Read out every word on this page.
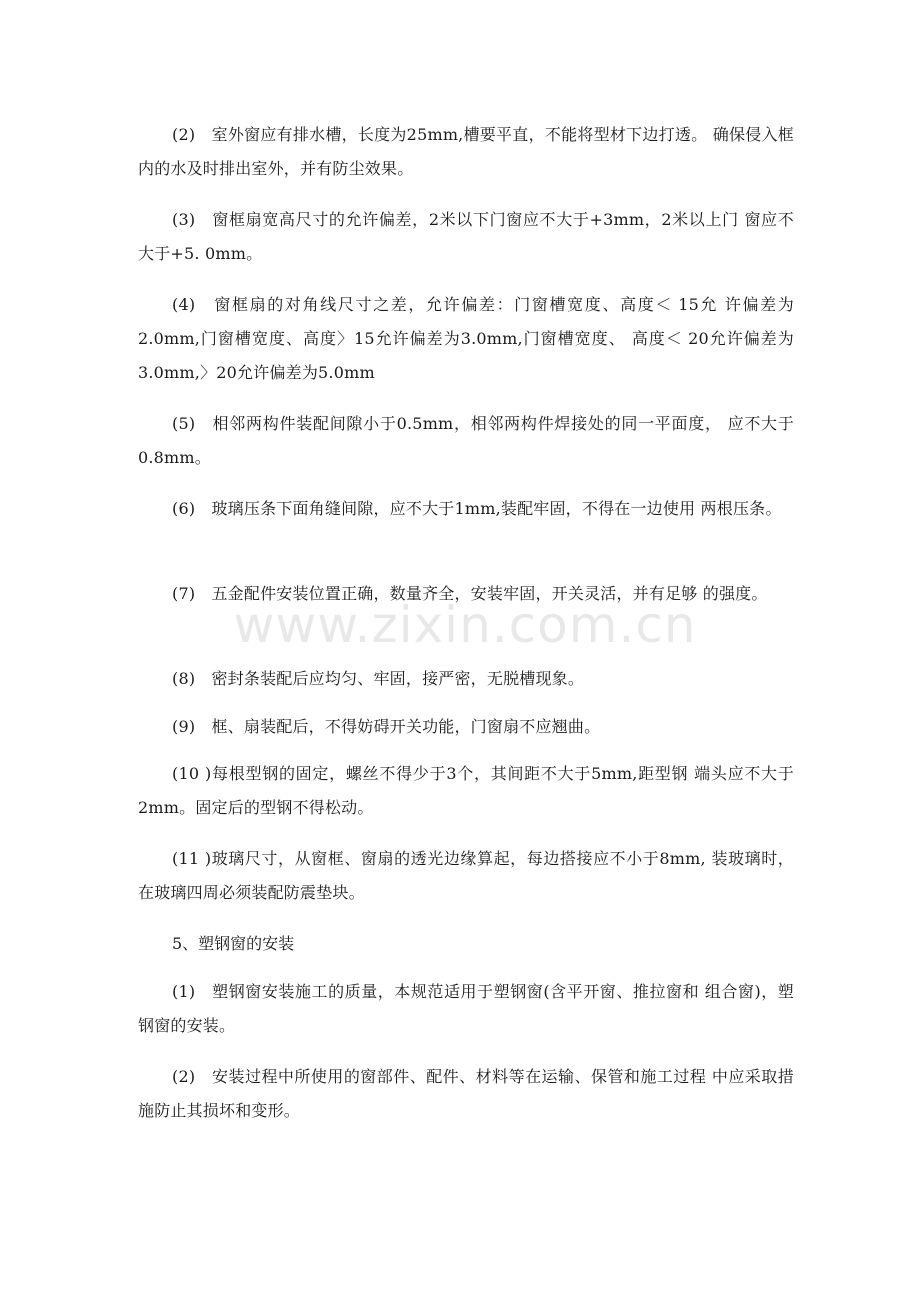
(2)　室外窗应有排水槽，长度为25mm,槽要平直，不能将型材下边打透。 确保侵入框内的水及时排出室外，并有防尘效果。

(3)　窗框扇宽高尺寸的允许偏差，2米以下门窗应不大于+3mm，2米以上门 窗应不大于+5. 0mm。

(4)　窗框扇的对角线尺寸之差，允许偏差：门窗槽宽度、高度＜ 15允 许偏差为2.0mm,门窗槽宽度、高度〉15允许偏差为3.0mm,门窗槽宽度、 高度＜ 20允许偏差为3.0mm,〉20允许偏差为5.0mm

(5)　相邻两构件装配间隙小于0.5mm，相邻两构件焊接处的同一平面度， 应不大于0.8mm。

(6)　玻璃压条下面角缝间隙，应不大于1mm,装配牢固，不得在一边使用 两根压条。

(7)　五金配件安装位置正确，数量齐全，安装牢固，开关灵活，并有足够 的强度。

(8)　密封条装配后应均匀、牢固，接严密，无脱槽现象。

(9)　框、扇装配后，不得妨碍开关功能，门窗扇不应翘曲。

(10 )每根型钢的固定，螺丝不得少于3个，其间距不大于5mm,距型钢 端头应不大于2mm。固定后的型钢不得松动。

(11 )玻璃尺寸，从窗框、窗扇的透光边缘算起，每边搭接应不小于8mm, 装玻璃时，在玻璃四周必须装配防震垫块。

5、塑钢窗的安装

(1)　塑钢窗安装施工的质量，本规范适用于塑钢窗(含平开窗、推拉窗和 组合窗)，塑钢窗的安装。

(2)　安装过程中所使用的窗部件、配件、材料等在运输、保管和施工过程 中应采取措施防止其损坏和变形。

www.zixin.com.cn
